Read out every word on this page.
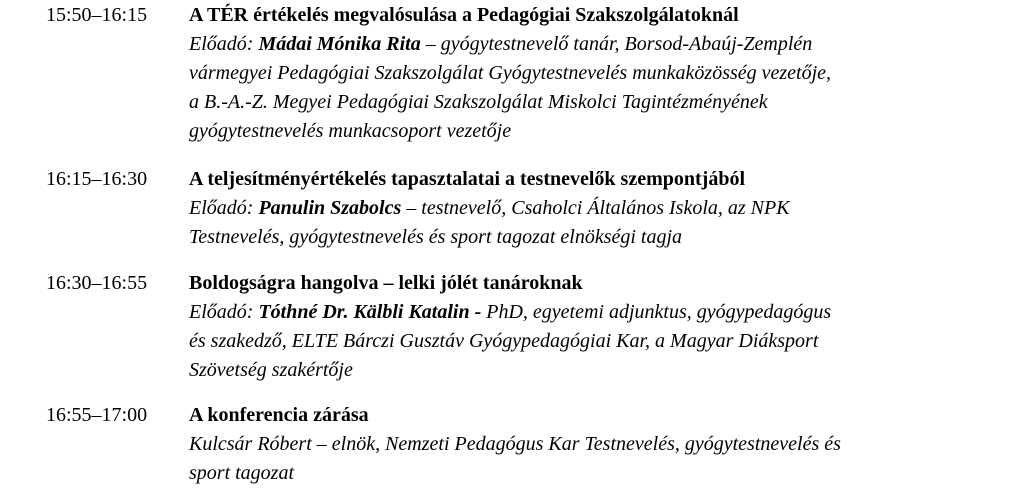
15:50–16:15 A TÉR értékelés megvalósulása a Pedagógiai Szakszolgálatoknál
Előadó: Mádai Mónika Rita – gyógytestnevelő tanár, Borsod-Abaúj-Zemplén
vármegyei Pedagógiai Szakszolgálat Gyógytestnevelés munkaközösség vezetője,
a B.-A.-Z. Megyei Pedagógiai Szakszolgálat Miskolci Tagintézményének
gyógytestnevelés munkacsoport vezetője
16:15–16:30 A teljesítményértékelés tapasztalatai a testnevelők szempontjából
Előadó: Panulin Szabolcs – testnevelő, Csaholci Általános Iskola, az NPK
Testnevelés, gyógytestnevelés és sport tagozat elnökségi tagja
16:30–16:55 Boldogságra hangolva – lelki jólét tanároknak
Előadó: Tóthné Dr. Kälbli Katalin - PhD, egyetemi adjunktus, gyógypedagógus
és szakedző, ELTE Bárczi Gusztáv Gyógypedagógiai Kar, a Magyar Diáksport
Szövetség szakértője
16:55–17:00 A konferencia zárása
Kulcsár Róbert – elnök, Nemzeti Pedagógus Kar Testnevelés, gyógytestnevelés és
sport tagozat
